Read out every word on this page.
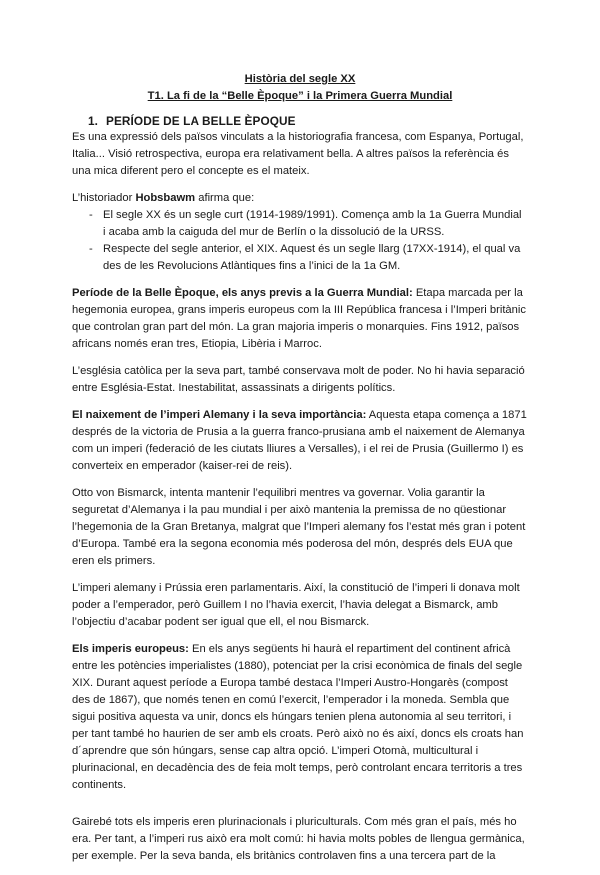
Història del segle XX
T1. La fi de la “Belle Èpoque” i la Primera Guerra Mundial
1. PERÍODE DE LA BELLE ÈPOQUE

Es una expressió dels països vinculats a la historiografia francesa, com Espanya, Portugal, Italia... Visió retrospectiva, europa era relativament bella. A altres països la referència és una mica diferent pero el concepte es el mateix.

L’historiador Hobsbawm afirma que:

- El segle XX és un segle curt (1914-1989/1991). Comença amb la 1a Guerra Mundial i acaba amb la caiguda del mur de Berlín o la dissolució de la URSS.
- Respecte del segle anterior, el XIX. Aquest és un segle llarg (17XX-1914), el qual va des de les Revolucions Atlàntiques fins a l’inici de la 1a GM.

Període de la Belle Èpoque, els anys previs a la Guerra Mundial: Etapa marcada per la hegemonia europea, grans imperis europeus com la III República francesa i l’Imperi britànic que controlan gran part del món. La gran majoria imperis o monarquies. Fins 1912, països africans només eran tres, Etiopia, Libèria i Marroc.

L’església catòlica per la seva part, també conservava molt de poder. No hi havia separació entre Església-Estat. Inestabilitat, assassinats a dirigents polítics.

El naixement de l’imperi Alemany i la seva importància: Aquesta etapa comença a 1871 després de la victoria de Prusia a la guerra franco-prusiana amb el naixement de Alemanya com un imperi (federació de les ciutats lliures a Versalles), i el rei de Prusia (Guillermo I) es converteix en emperador (kaiser-rei de reis).

Otto von Bismarck, intenta mantenir l’equilibri mentres va governar. Volia garantir la seguretat d’Alemanya i la pau mundial i per això mantenia la premissa de no qüestionar l’hegemonia de la Gran Bretanya, malgrat que l’Imperi alemany fos l’estat més gran i potent d’Europa. També era la segona economia més poderosa del món, després dels EUA que eren els primers.

L’imperi alemany i Prússia eren parlamentaris. Així, la constitució de l’imperi li donava molt poder a l’emperador, però Guillem I no l’havia exercit, l’havia delegat a Bismarck, amb l’objectiu d’acabar podent ser igual que ell, el nou Bismarck.

Els imperis europeus: En els anys següents hi haurà el repartiment del continent africà entre les potències imperialistes (1880), potenciat per la crisi econòmica de finals del segle XIX. Durant aquest període a Europa també destaca l’Imperi Austro-Hongarès (compost des de 1867), que només tenen en comú l’exercit, l’emperador i la moneda. Sembla que sigui positiva aquesta va unir, doncs els húngars tenien plena autonomia al seu territori, i per tant també ho haurien de ser amb els croats. Però això no és així, doncs els croats han d´aprendre que són húngars, sense cap altra opció. L’imperi Otomà, multicultural i plurinacional, en decadència des de feia molt temps, però controlant encara territoris a tres continents.

Gairebé tots els imperis eren plurinacionals i pluriculturals. Com més gran el país, més ho era. Per tant, a l’imperi rus això era molt comú: hi havia molts pobles de llengua germànica, per exemple. Per la seva banda, els britànics controlaven fins a una tercera part de la
